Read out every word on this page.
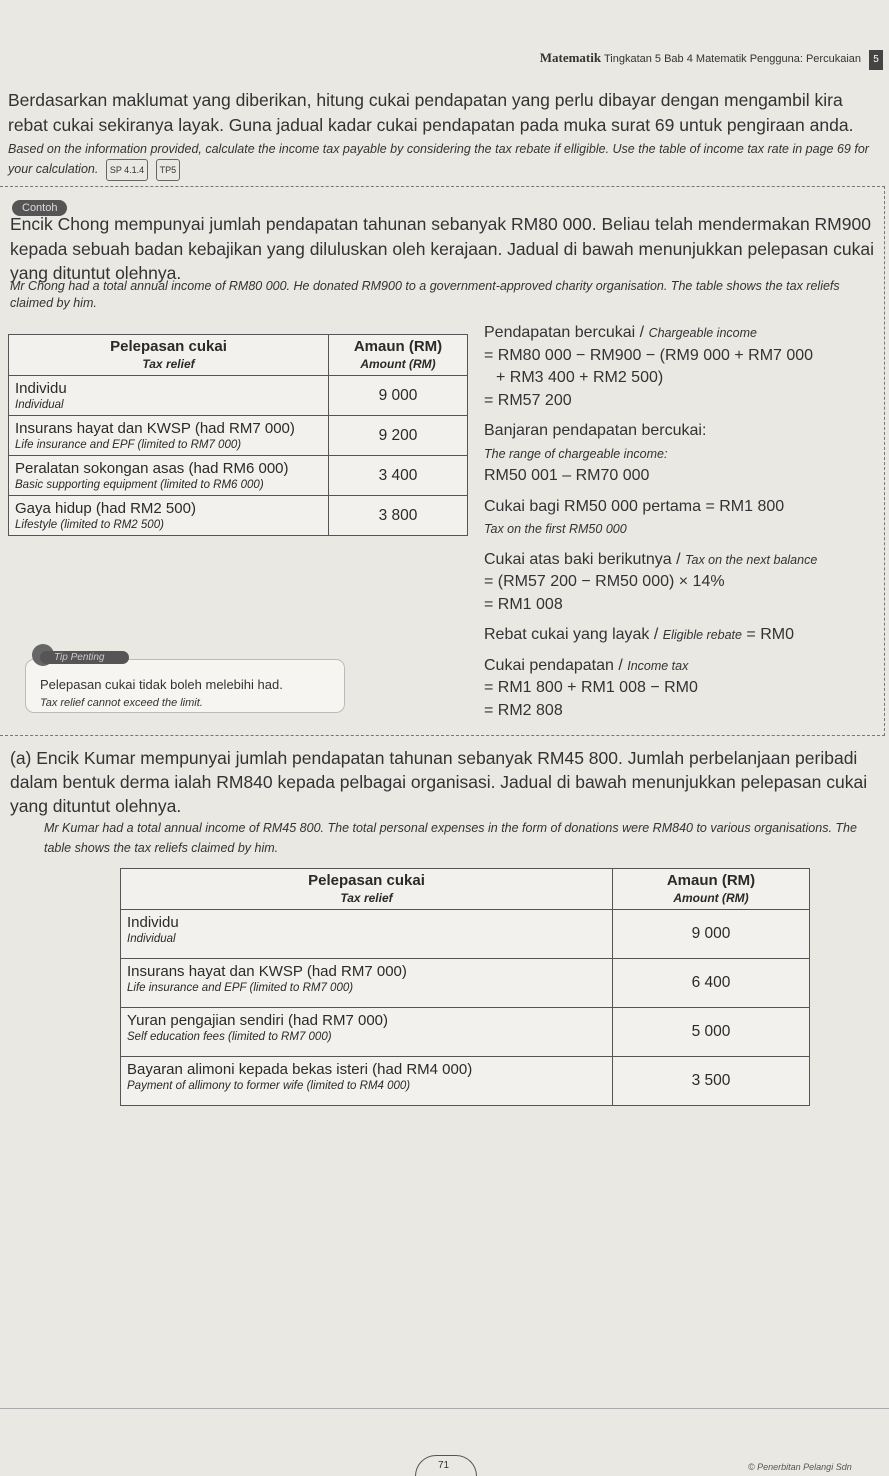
Matematik Tingkatan 5 Bab 4 Matematik Pengguna: Percukaian	5
Berdasarkan maklumat yang diberikan, hitung cukai pendapatan yang perlu dibayar dengan mengambil kira rebat cukai sekiranya layak. Guna jadual kadar cukai pendapatan pada muka surat 69 untuk pengiraan anda.
Based on the information provided, calculate the income tax payable by considering the tax rebate if elligible. Use the table of income tax rate in page 69 for your calculation. SP 4.1.4 TP5
Contoh
Encik Chong mempunyai jumlah pendapatan tahunan sebanyak RM80 000. Beliau telah mendermakan RM900 kepada sebuah badan kebajikan yang diluluskan oleh kerajaan. Jadual di bawah menunjukkan pelepasan cukai yang dituntut olehnya.
Mr Chong had a total annual income of RM80 000. He donated RM900 to a government-approved charity organisation. The table shows the tax reliefs claimed by him.
Pelepasan cukai
Tax relief	Amaun (RM)
Amount (RM)
Individu
Individual	9 000
Insurans hayat dan KWSP (had RM7 000)
Life insurance and EPF (limited to RM7 000)	9 200
Peralatan sokongan asas (had RM6 000)
Basic supporting equipment (limited to RM6 000)	3 400
Gaya hidup (had RM2 500)
Lifestyle (limited to RM2 500)	3 800
Pendapatan bercukai / Chargeable income
= RM80 000 − RM900 − (RM9 000 + RM7 000
+ RM3 400 + RM2 500)
= RM57 200
Banjaran pendapatan bercukai:
The range of chargeable income:
RM50 001 – RM70 000
Cukai bagi RM50 000 pertama = RM1 800
Tax on the first RM50 000
Cukai atas baki berikutnya / Tax on the next balance
= (RM57 200 − RM50 000) × 14%
= RM1 008
Rebat cukai yang layak / Eligible rebate = RM0
Cukai pendapatan / Income tax
= RM1 800 + RM1 008 − RM0
= RM2 808
Tip Penting
Pelepasan cukai tidak boleh melebihi had.
Tax relief cannot exceed the limit.
(a) Encik Kumar mempunyai jumlah pendapatan tahunan sebanyak RM45 800. Jumlah perbelanjaan peribadi dalam bentuk derma ialah RM840 kepada pelbagai organisasi. Jadual di bawah menunjukkan pelepasan cukai yang dituntut olehnya.
Mr Kumar had a total annual income of RM45 800. The total personal expenses in the form of donations were RM840 to various organisations. The table shows the tax reliefs claimed by him.
Pelepasan cukai
Tax relief	Amaun (RM)
Amount (RM)
Individu
Individual	9 000
Insurans hayat dan KWSP (had RM7 000)
Life insurance and EPF (limited to RM7 000)	6 400
Yuran pengajian sendiri (had RM7 000)
Self education fees (limited to RM7 000)	5 000
Bayaran alimoni kepada bekas isteri (had RM4 000)
Payment of allimony to former wife (limited to RM4 000)	3 500
71	© Penerbitan Pelangi Sdn
